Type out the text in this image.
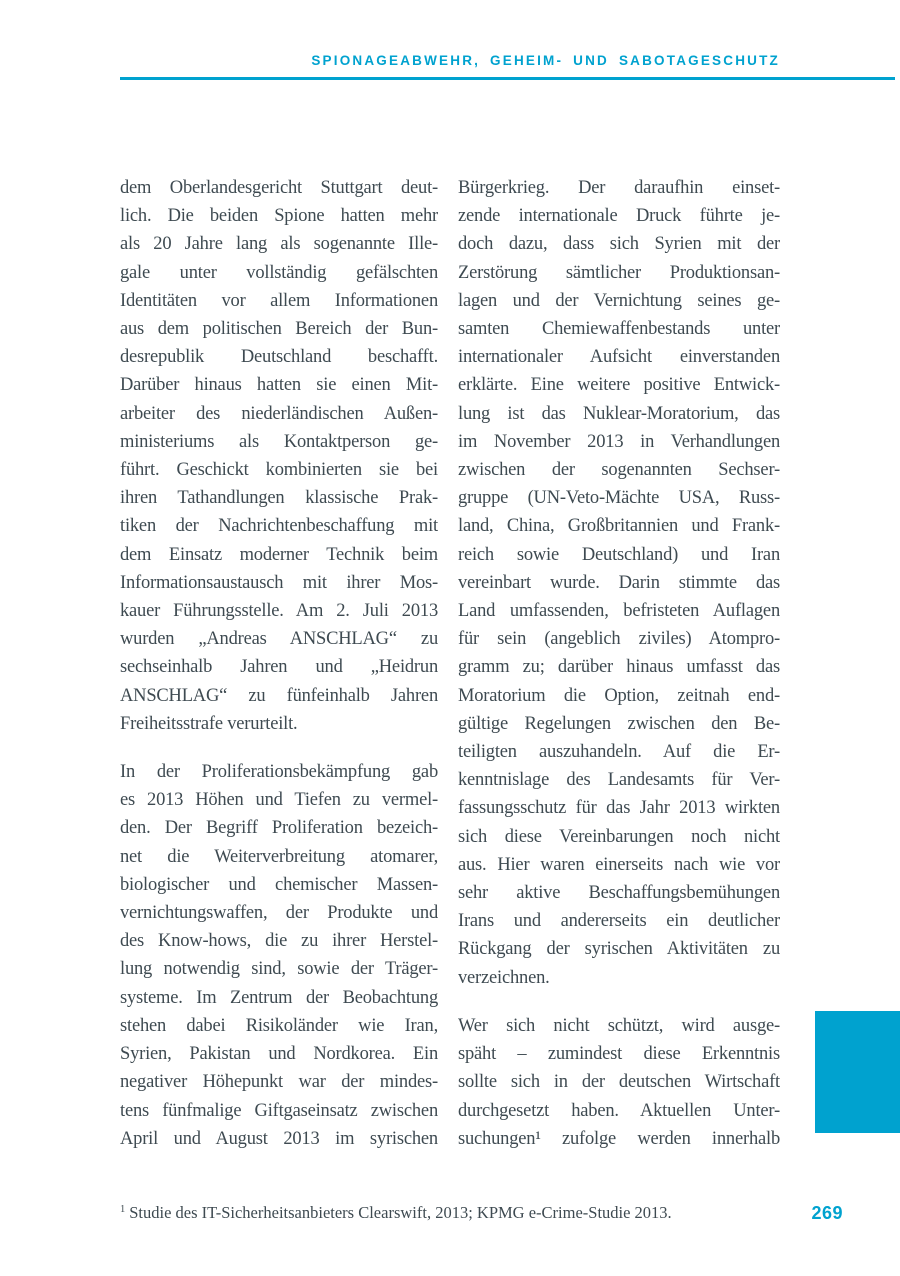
SPIONAGEABWEHR, GEHEIM- UND SABOTAGESCHUTZ
dem Oberlandesgericht Stuttgart deut-
lich. Die beiden Spione hatten mehr
als 20 Jahre lang als sogenannte Ille-
gale unter vollständig gefälschten
Identitäten vor allem Informationen
aus dem politischen Bereich der Bun-
desrepublik Deutschland beschafft.
Darüber hinaus hatten sie einen Mit-
arbeiter des niederländischen Außen-
ministeriums als Kontaktperson ge-
führt. Geschickt kombinierten sie bei
ihren Tathandlungen klassische Prak-
tiken der Nachrichtenbeschaffung mit
dem Einsatz moderner Technik beim
Informationsaustausch mit ihrer Mos-
kauer Führungsstelle. Am 2. Juli 2013
wurden „Andreas ANSCHLAG“ zu
sechseinhalb Jahren und „Heidrun
ANSCHLAG“ zu fünfeinhalb Jahren
Freiheitsstrafe verurteilt.
In der Proliferationsbekämpfung gab
es 2013 Höhen und Tiefen zu vermel-
den. Der Begriff Proliferation bezeich-
net die Weiterverbreitung atomarer,
biologischer und chemischer Massen-
vernichtungswaffen, der Produkte und
des Know-hows, die zu ihrer Herstel-
lung notwendig sind, sowie der Träger-
systeme. Im Zentrum der Beobachtung
stehen dabei Risikoländer wie Iran,
Syrien, Pakistan und Nordkorea. Ein
negativer Höhepunkt war der mindes-
tens fünfmalige Giftgaseinsatz zwischen
April und August 2013 im syrischen
Bürgerkrieg. Der daraufhin einset-
zende internationale Druck führte je-
doch dazu, dass sich Syrien mit der
Zerstörung sämtlicher Produktionsan-
lagen und der Vernichtung seines ge-
samten Chemiewaffenbestands unter
internationaler Aufsicht einverstanden
erklärte. Eine weitere positive Entwick-
lung ist das Nuklear-Moratorium, das
im November 2013 in Verhandlungen
zwischen der sogenannten Sechser-
gruppe (UN-Veto-Mächte USA, Russ-
land, China, Großbritannien und Frank-
reich sowie Deutschland) und Iran
vereinbart wurde. Darin stimmte das
Land umfassenden, befristeten Auflagen
für sein (angeblich ziviles) Atompro-
gramm zu; darüber hinaus umfasst das
Moratorium die Option, zeitnah end-
gültige Regelungen zwischen den Be-
teiligten auszuhandeln. Auf die Er-
kenntnislage des Landesamts für Ver-
fassungsschutz für das Jahr 2013 wirkten
sich diese Vereinbarungen noch nicht
aus. Hier waren einerseits nach wie vor
sehr aktive Beschaffungsbemühungen
Irans und andererseits ein deutlicher
Rückgang der syrischen Aktivitäten zu
verzeichnen.
Wer sich nicht schützt, wird ausge-
späht – zumindest diese Erkenntnis
sollte sich in der deutschen Wirtschaft
durchgesetzt haben. Aktuellen Unter-
suchungen¹ zufolge werden innerhalb
$^1$ Studie des IT-Sicherheitsanbieters Clearswift, 2013; KPMG e-Crime-Studie 2013.	269
